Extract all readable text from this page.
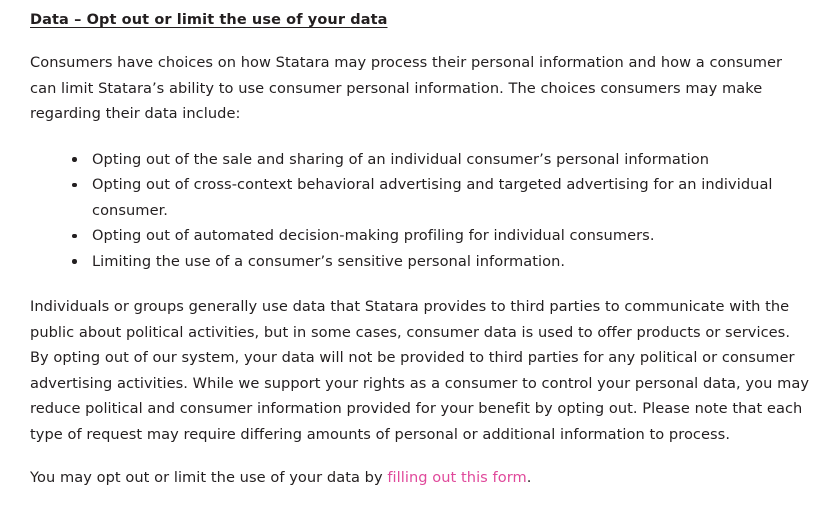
Data – Opt out or limit the use of your data

Consumers have choices on how Statara may process their personal information and how a consumer can limit Statara’s ability to use consumer personal information. The choices consumers may make regarding their data include:

Opting out of the sale and sharing of an individual consumer’s personal information
Opting out of cross-context behavioral advertising and targeted advertising for an individual consumer.
Opting out of automated decision-making profiling for individual consumers.
Limiting the use of a consumer’s sensitive personal information.

Individuals or groups generally use data that Statara provides to third parties to communicate with the public about political activities, but in some cases, consumer data is used to offer products or services. By opting out of our system, your data will not be provided to third parties for any political or consumer advertising activities. While we support your rights as a consumer to control your personal data, you may reduce political and consumer information provided for your benefit by opting out. Please note that each type of request may require differing amounts of personal or additional information to process.

You may opt out or limit the use of your data by filling out this form.
